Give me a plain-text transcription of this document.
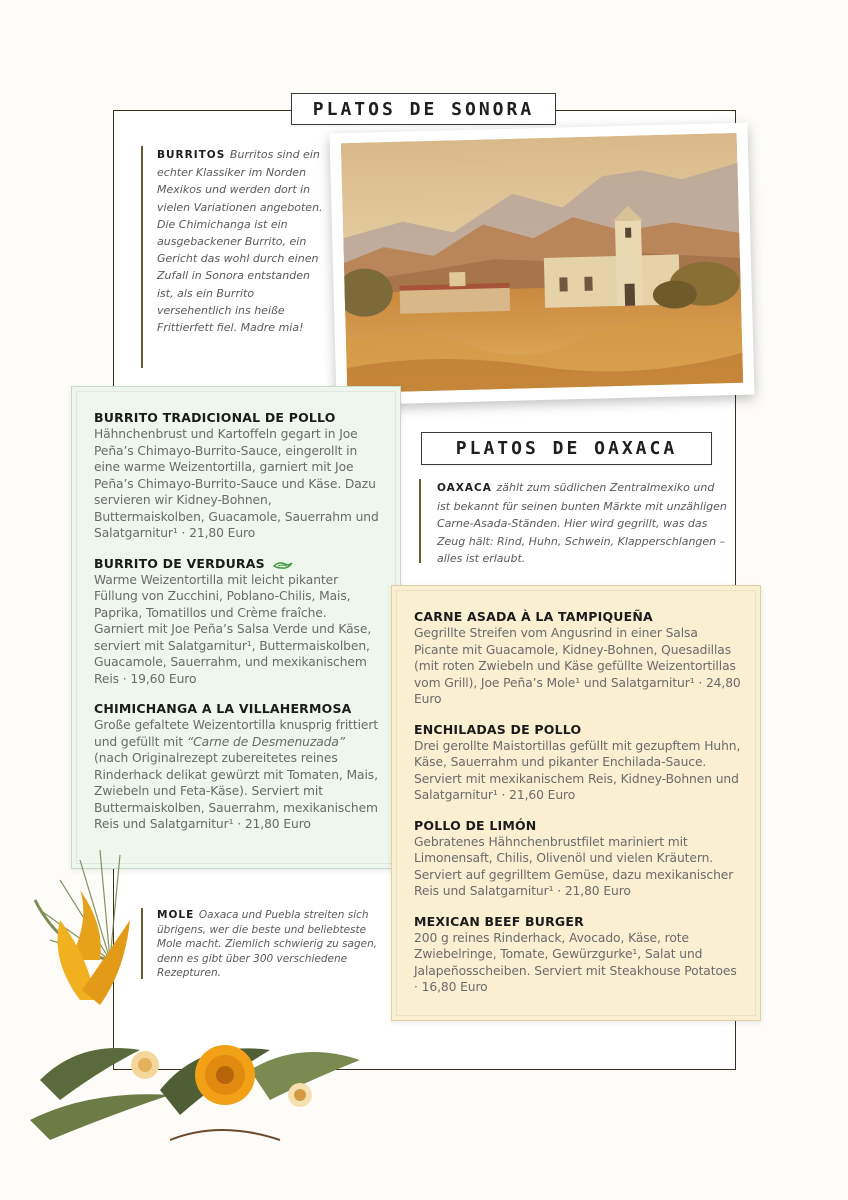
PLATOS DE SONORA
BURRITOS Burritos sind ein echter Klassiker im Norden Mexikos und werden dort in vielen Variationen angeboten. Die Chimichanga ist ein ausgebackener Burrito, ein Gericht das wohl durch einen Zufall in Sonora entstanden ist, als ein Burrito versehentlich ins heiße Frittierfett fiel. Madre mia!
PLATOS DE OAXACA
OAXACA zählt zum südlichen Zentralmexiko und ist bekannt für seinen bunten Märkte mit unzähligen Carne-Asada-Ständen. Hier wird gegrillt, was das Zeug hält: Rind, Huhn, Schwein, Klapperschlangen – alles ist erlaubt.
BURRITO TRADICIONAL DE POLLO
Hähnchenbrust und Kartoffeln gegart in Joe Peña’s Chimayo-Burrito-Sauce, eingerollt in eine warme Weizentortilla, garniert mit Joe Peña’s Chimayo-Burrito-Sauce und Käse. Dazu servieren wir Kidney-Bohnen, Buttermaiskolben, Guacamole, Sauerrahm und Salatgarnitur¹ · 21,80 Euro
BURRITO DE VERDURAS
Warme Weizentortilla mit leicht pikanter Füllung von Zucchini, Poblano-Chilis, Mais, Paprika, Tomatillos und Crème fraîche. Garniert mit Joe Peña’s Salsa Verde und Käse, serviert mit Salatgarnitur¹, Buttermaiskolben, Guacamole, Sauerrahm, und mexikanischem Reis · 19,60 Euro
CHIMICHANGA A LA VILLAHERMOSA
Große gefaltete Weizentortilla knusprig frittiert und gefüllt mit “Carne de Desmenuzada” (nach Originalrezept zubereitetes reines Rinderhack delikat gewürzt mit Tomaten, Mais, Zwiebeln und Feta-Käse). Serviert mit Buttermaiskolben, Sauerrahm, mexikanischem Reis und Salatgarnitur¹ · 21,80 Euro
CARNE ASADA À LA TAMPIQUEÑA
Gegrillte Streifen vom Angusrind in einer Salsa Picante mit Guacamole, Kidney-Bohnen, Quesadillas (mit roten Zwiebeln und Käse gefüllte Weizentortillas vom Grill), Joe Peña’s Mole¹ und Salatgarnitur¹ · 24,80 Euro
ENCHILADAS DE POLLO
Drei gerollte Maistortillas gefüllt mit gezupftem Huhn, Käse, Sauerrahm und pikanter Enchilada-Sauce. Serviert mit mexikanischem Reis, Kidney-Bohnen und Salatgarnitur¹ · 21,60 Euro
POLLO DE LIMÓN
Gebratenes Hähnchenbrustfilet mariniert mit Limonensaft, Chilis, Olivenöl und vielen Kräutern. Serviert auf gegrilltem Gemüse, dazu mexikanischer Reis und Salatgarnitur¹ · 21,80 Euro
MEXICAN BEEF BURGER
200 g reines Rinderhack, Avocado, Käse, rote Zwiebelringe, Tomate, Gewürzgurke¹, Salat und Jalapeñosscheiben. Serviert mit Steakhouse Potatoes · 16,80 Euro
MOLE Oaxaca und Puebla streiten sich übrigens, wer die beste und beliebteste Mole macht. Ziemlich schwierig zu sagen, denn es gibt über 300 verschiedene Rezepturen.
